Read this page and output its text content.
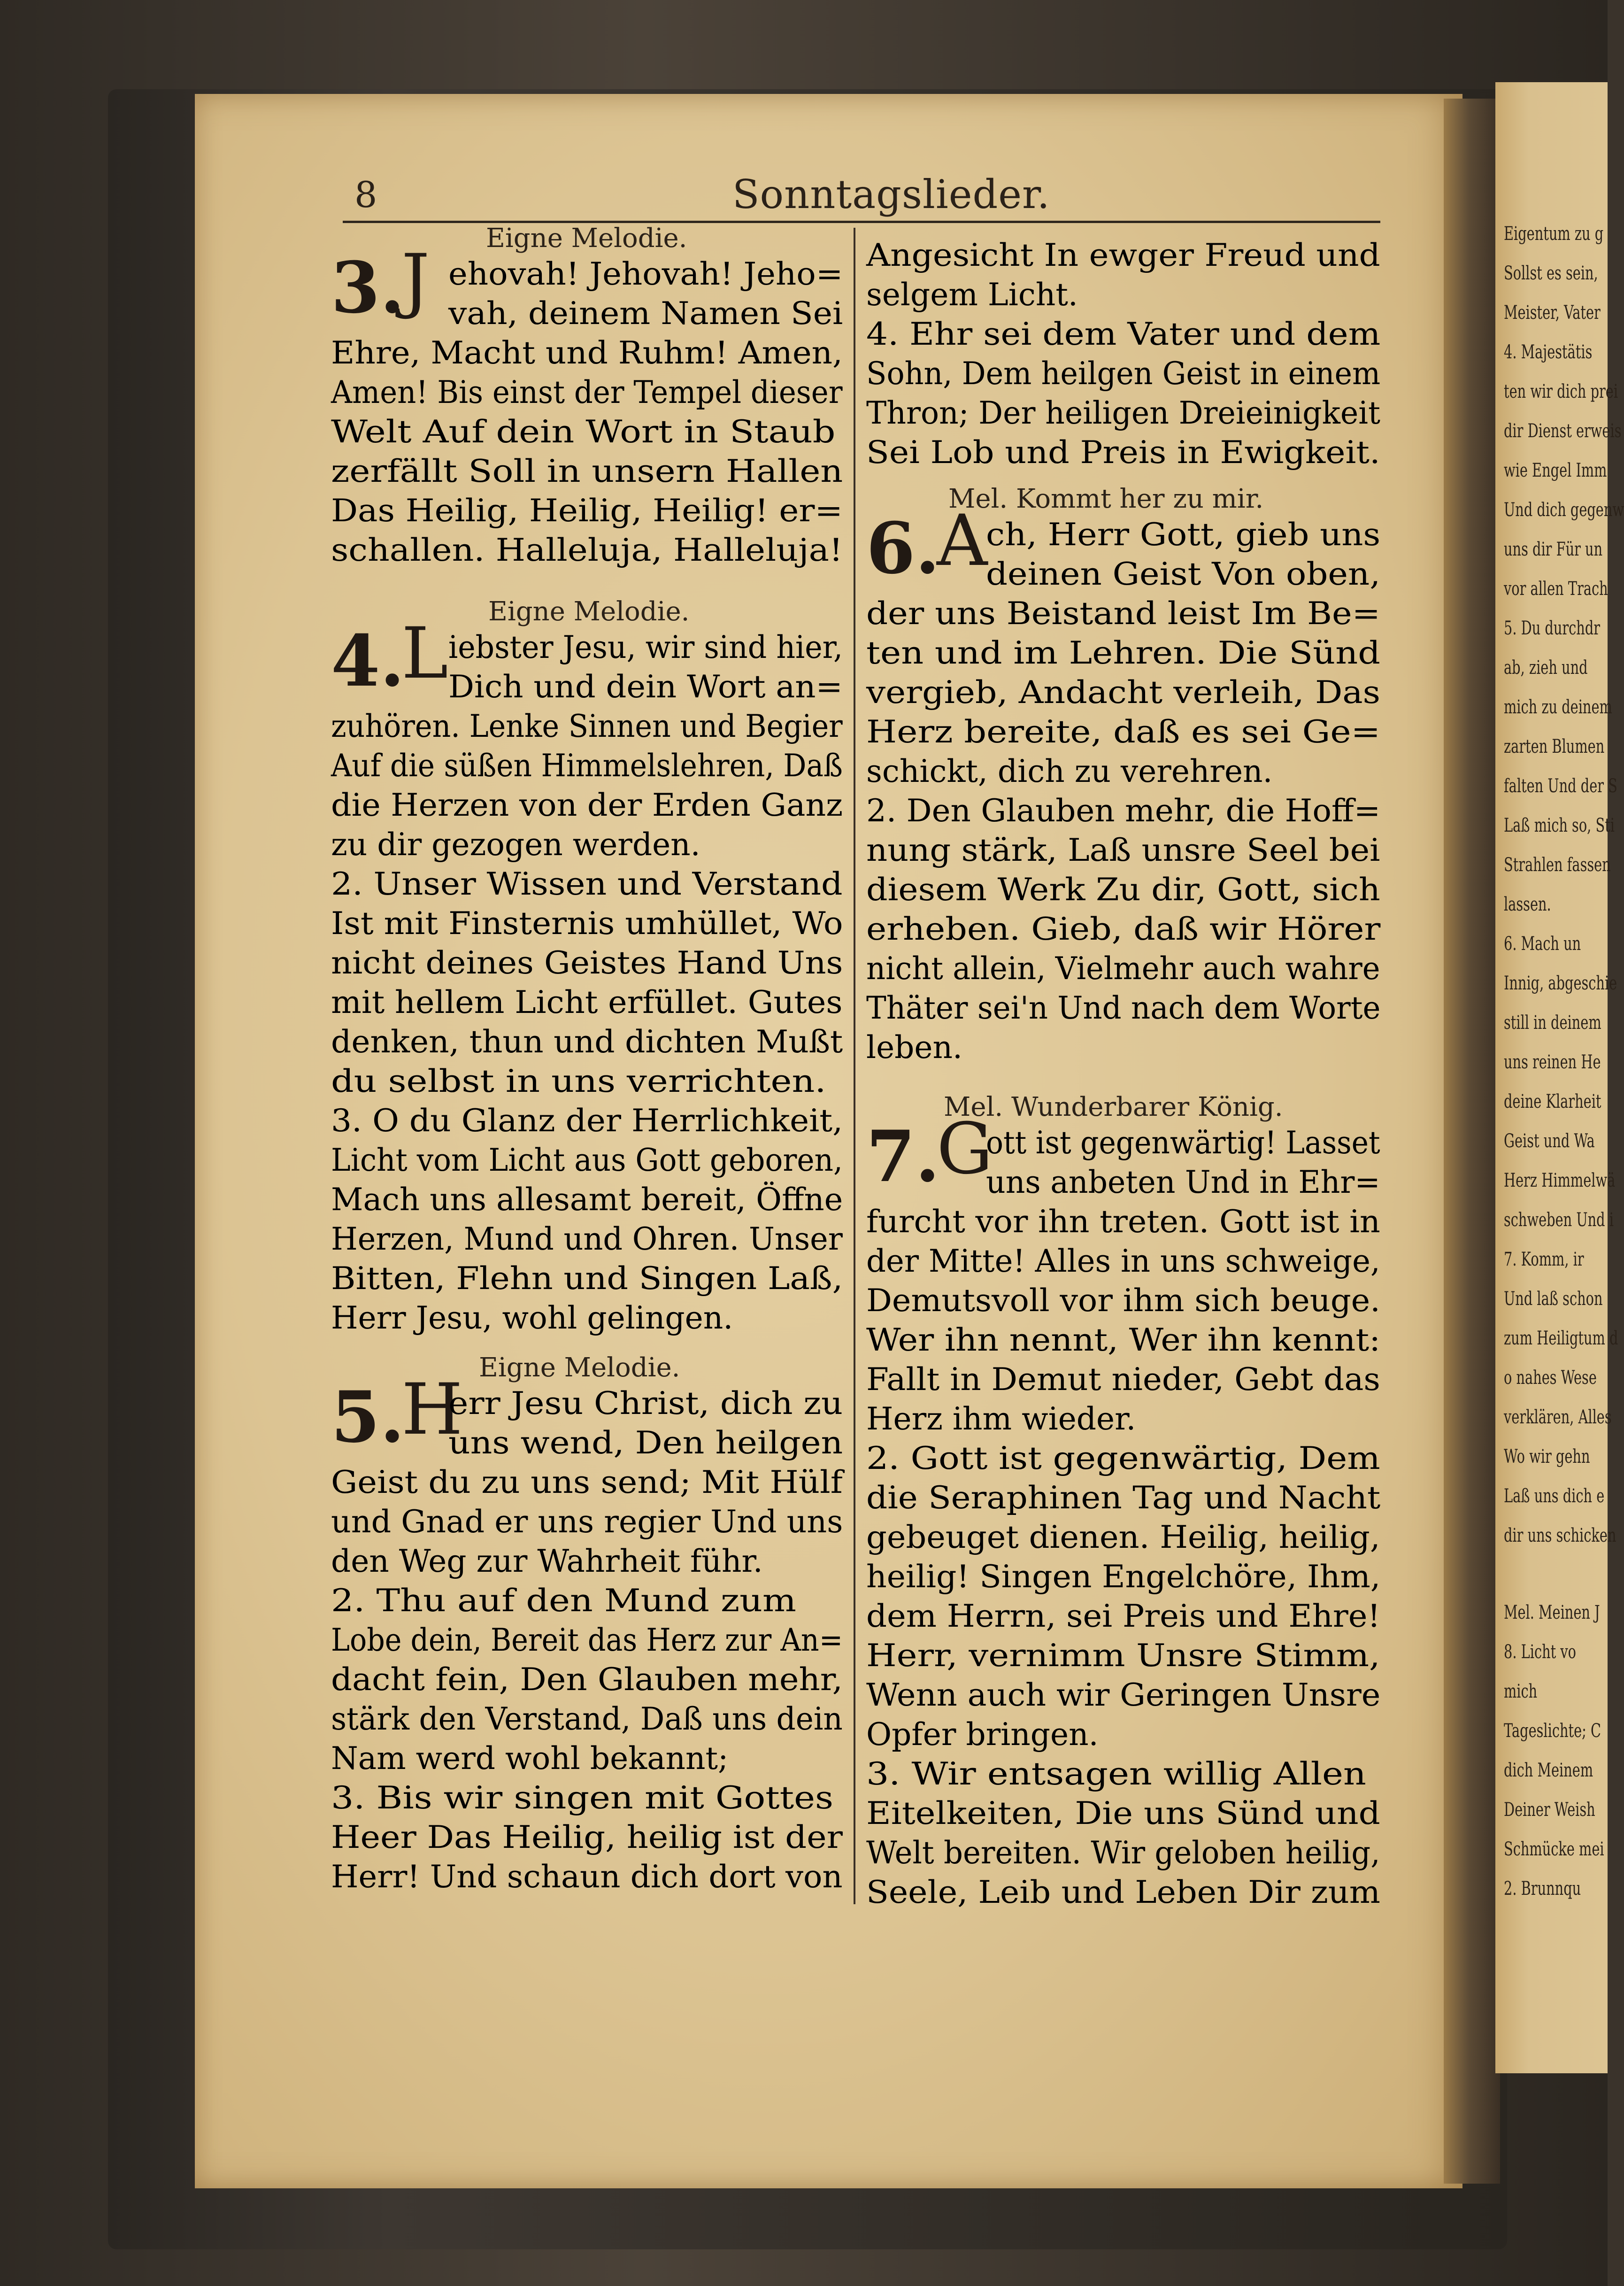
Eigentum zu g
Sollst es sein,
Meister, Vater
4. Majestätis
ten wir dich prei
dir Dienst erweis
wie Engel Imm
Und dich gegenw
uns dir Für un
vor allen Trach
5. Du durchdr
ab, zieh und
mich zu deinem
zarten Blumen
falten Und der S
Laß mich so, Sti
Strahlen fassen
lassen.
6. Mach un
Innig, abgeschie
still in deinem
uns reinen He
deine Klarheit
Geist und Wa
Herz Himmelwä
schweben Und i
7. Komm, ir
Und laß schon
zum Heiligtum d
o nahes Wese
verklären, Alles
Wo wir gehn
Laß uns dich e
dir uns schicken
Mel. Meinen J
8. Licht vo
mich
Tageslichte; C
dich Meinem
Deiner Weish
Schmücke mei
2. Brunnqu
8	Sonntagslieder.
Eigne Melodie.
3.
J ehovah! Jehovah! Jeho=
vah, deinem Namen Sei
Ehre, Macht und Ruhm! Amen,
Amen! Bis einst der Tempel dieser
Welt Auf dein Wort in Staub
zerfällt Soll in unsern Hallen
Das Heilig, Heilig, Heilig! er=
schallen. Halleluja, Halleluja!
Eigne Melodie.
4.
L iebster Jesu, wir sind hier,
Dich und dein Wort an=
zuhören. Lenke Sinnen und Begier
Auf die süßen Himmelslehren, Daß
die Herzen von der Erden Ganz
zu dir gezogen werden.
2. Unser Wissen und Verstand
Ist mit Finsternis umhüllet, Wo
nicht deines Geistes Hand Uns
mit hellem Licht erfüllet. Gutes
denken, thun und dichten Mußt
du selbst in uns verrichten.
3. O du Glanz der Herrlichkeit,
Licht vom Licht aus Gott geboren,
Mach uns allesamt bereit, Öffne
Herzen, Mund und Ohren. Unser
Bitten, Flehn und Singen Laß,
Herr Jesu, wohl gelingen.
Eigne Melodie.
5.
H
err Jesu Christ, dich zu
uns wend, Den heilgen
Geist du zu uns send; Mit Hülf
und Gnad er uns regier Und uns
den Weg zur Wahrheit führ.
2. Thu auf den Mund zum
Lobe dein, Bereit das Herz zur An=
dacht fein, Den Glauben mehr,
stärk den Verstand, Daß uns dein
Nam werd wohl bekannt;
3. Bis wir singen mit Gottes
Heer Das Heilig, heilig ist der
Herr! Und schaun dich dort von
Angesicht In ewger Freud und
selgem Licht.
4. Ehr sei dem Vater und dem
Sohn, Dem heilgen Geist in einem
Thron; Der heiligen Dreieinigkeit
Sei Lob und Preis in Ewigkeit.
Mel. Kommt her zu mir.
6.
A
ch, Herr Gott, gieb uns
deinen Geist Von oben,
der uns Beistand leist Im Be=
ten und im Lehren. Die Sünd
vergieb, Andacht verleih, Das
Herz bereite, daß es sei Ge=
schickt, dich zu verehren.
2. Den Glauben mehr, die Hoff=
nung stärk, Laß unsre Seel bei
diesem Werk Zu dir, Gott, sich
erheben. Gieb, daß wir Hörer
nicht allein, Vielmehr auch wahre
Thäter sei'n Und nach dem Worte
leben.
Mel. Wunderbarer König.
7.
G
ott ist gegenwärtig! Lasset
uns anbeten Und in Ehr=
furcht vor ihn treten. Gott ist in
der Mitte! Alles in uns schweige,
Demutsvoll vor ihm sich beuge.
Wer ihn nennt, Wer ihn kennt:
Fallt in Demut nieder, Gebt das
Herz ihm wieder.
2. Gott ist gegenwärtig, Dem
die Seraphinen Tag und Nacht
gebeuget dienen. Heilig, heilig,
heilig! Singen Engelchöre, Ihm,
dem Herrn, sei Preis und Ehre!
Herr, vernimm Unsre Stimm,
Wenn auch wir Geringen Unsre
Opfer bringen.
3. Wir entsagen willig Allen
Eitelkeiten, Die uns Sünd und
Welt bereiten. Wir geloben heilig,
Seele, Leib und Leben Dir zum
